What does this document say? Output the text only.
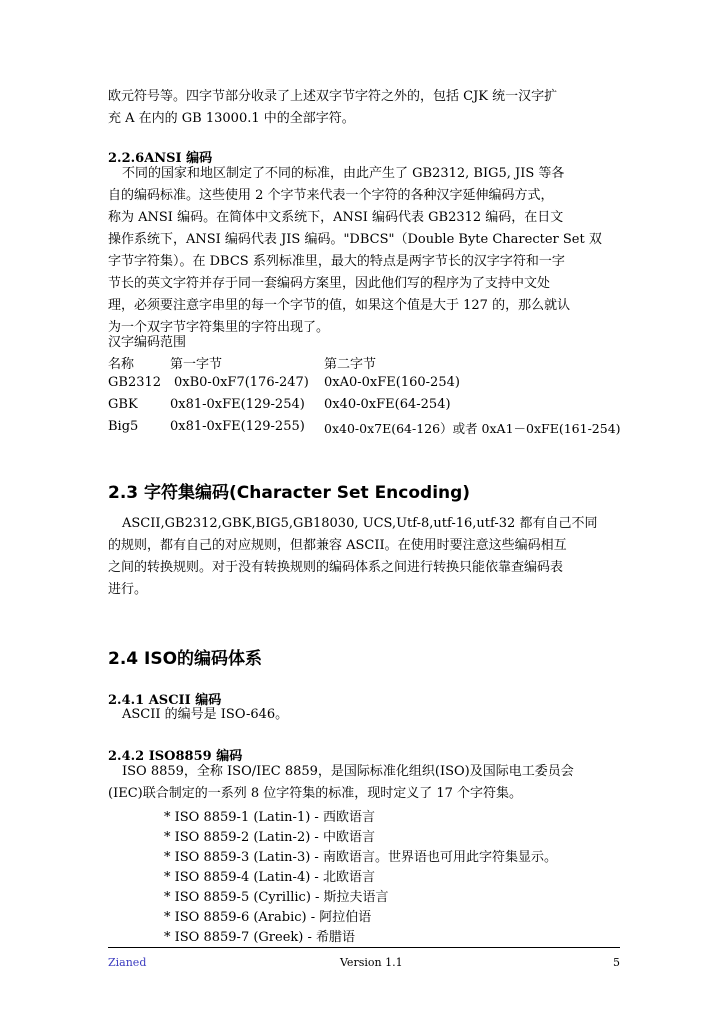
欧元符号等。四字节部分收录了上述双字节字符之外的，包括 CJK 统一汉字扩
充 A 在内的 GB 13000.1 中的全部字符。
2.2.6ANSI 编码
不同的国家和地区制定了不同的标准，由此产生了 GB2312, BIG5, JIS 等各
自的编码标准。这些使用 2 个字节来代表一个字符的各种汉字延伸编码方式，
称为 ANSI 编码。在简体中文系统下，ANSI 编码代表 GB2312 编码，在日文
操作系统下，ANSI 编码代表 JIS 编码。"DBCS"（Double Byte Charecter Set 双
字节字符集）。在 DBCS 系列标准里，最大的特点是两字节长的汉字字符和一字
节长的英文字符并存于同一套编码方案里，因此他们写的程序为了支持中文处
理，必须要注意字串里的每一个字节的值，如果这个值是大于 127 的，那么就认
为一个双字节字符集里的字符出现了。
汉字编码范围
名称	第一字节	第二字节
GB2312 0xB0-0xF7(176-247) 0xA0-0xFE(160-254)
GBK 0x81-0xFE(129-254) 0x40-0xFE(64-254)
Big5 0x81-0xFE(129-255) 0x40-0x7E(64-126）或者 0xA1－0xFE(161-254)
2.3 字符集编码(Character Set Encoding)
ASCII,GB2312,GBK,BIG5,GB18030, UCS,Utf-8,utf-16,utf-32 都有自己不同
的规则，都有自己的对应规则，但都兼容 ASCII。在使用时要注意这些编码相互
之间的转换规则。对于没有转换规则的编码体系之间进行转换只能依靠查编码表
进行。
2.4 ISO的编码体系
2.4.1 ASCII 编码
ASCII 的编号是 ISO-646。
2.4.2 ISO8859 编码
ISO 8859，全称 ISO/IEC 8859，是国际标准化组织(ISO)及国际电工委员会
(IEC)联合制定的一系列 8 位字符集的标准，现时定义了 17 个字符集。
* ISO 8859-1 (Latin-1) - 西欧语言
* ISO 8859-2 (Latin-2) - 中欧语言
* ISO 8859-3 (Latin-3) - 南欧语言。世界语也可用此字符集显示。
* ISO 8859-4 (Latin-4) - 北欧语言
* ISO 8859-5 (Cyrillic) - 斯拉夫语言
* ISO 8859-6 (Arabic) - 阿拉伯语
* ISO 8859-7 (Greek) - 希腊语
Zianed	Version 1.1	5
